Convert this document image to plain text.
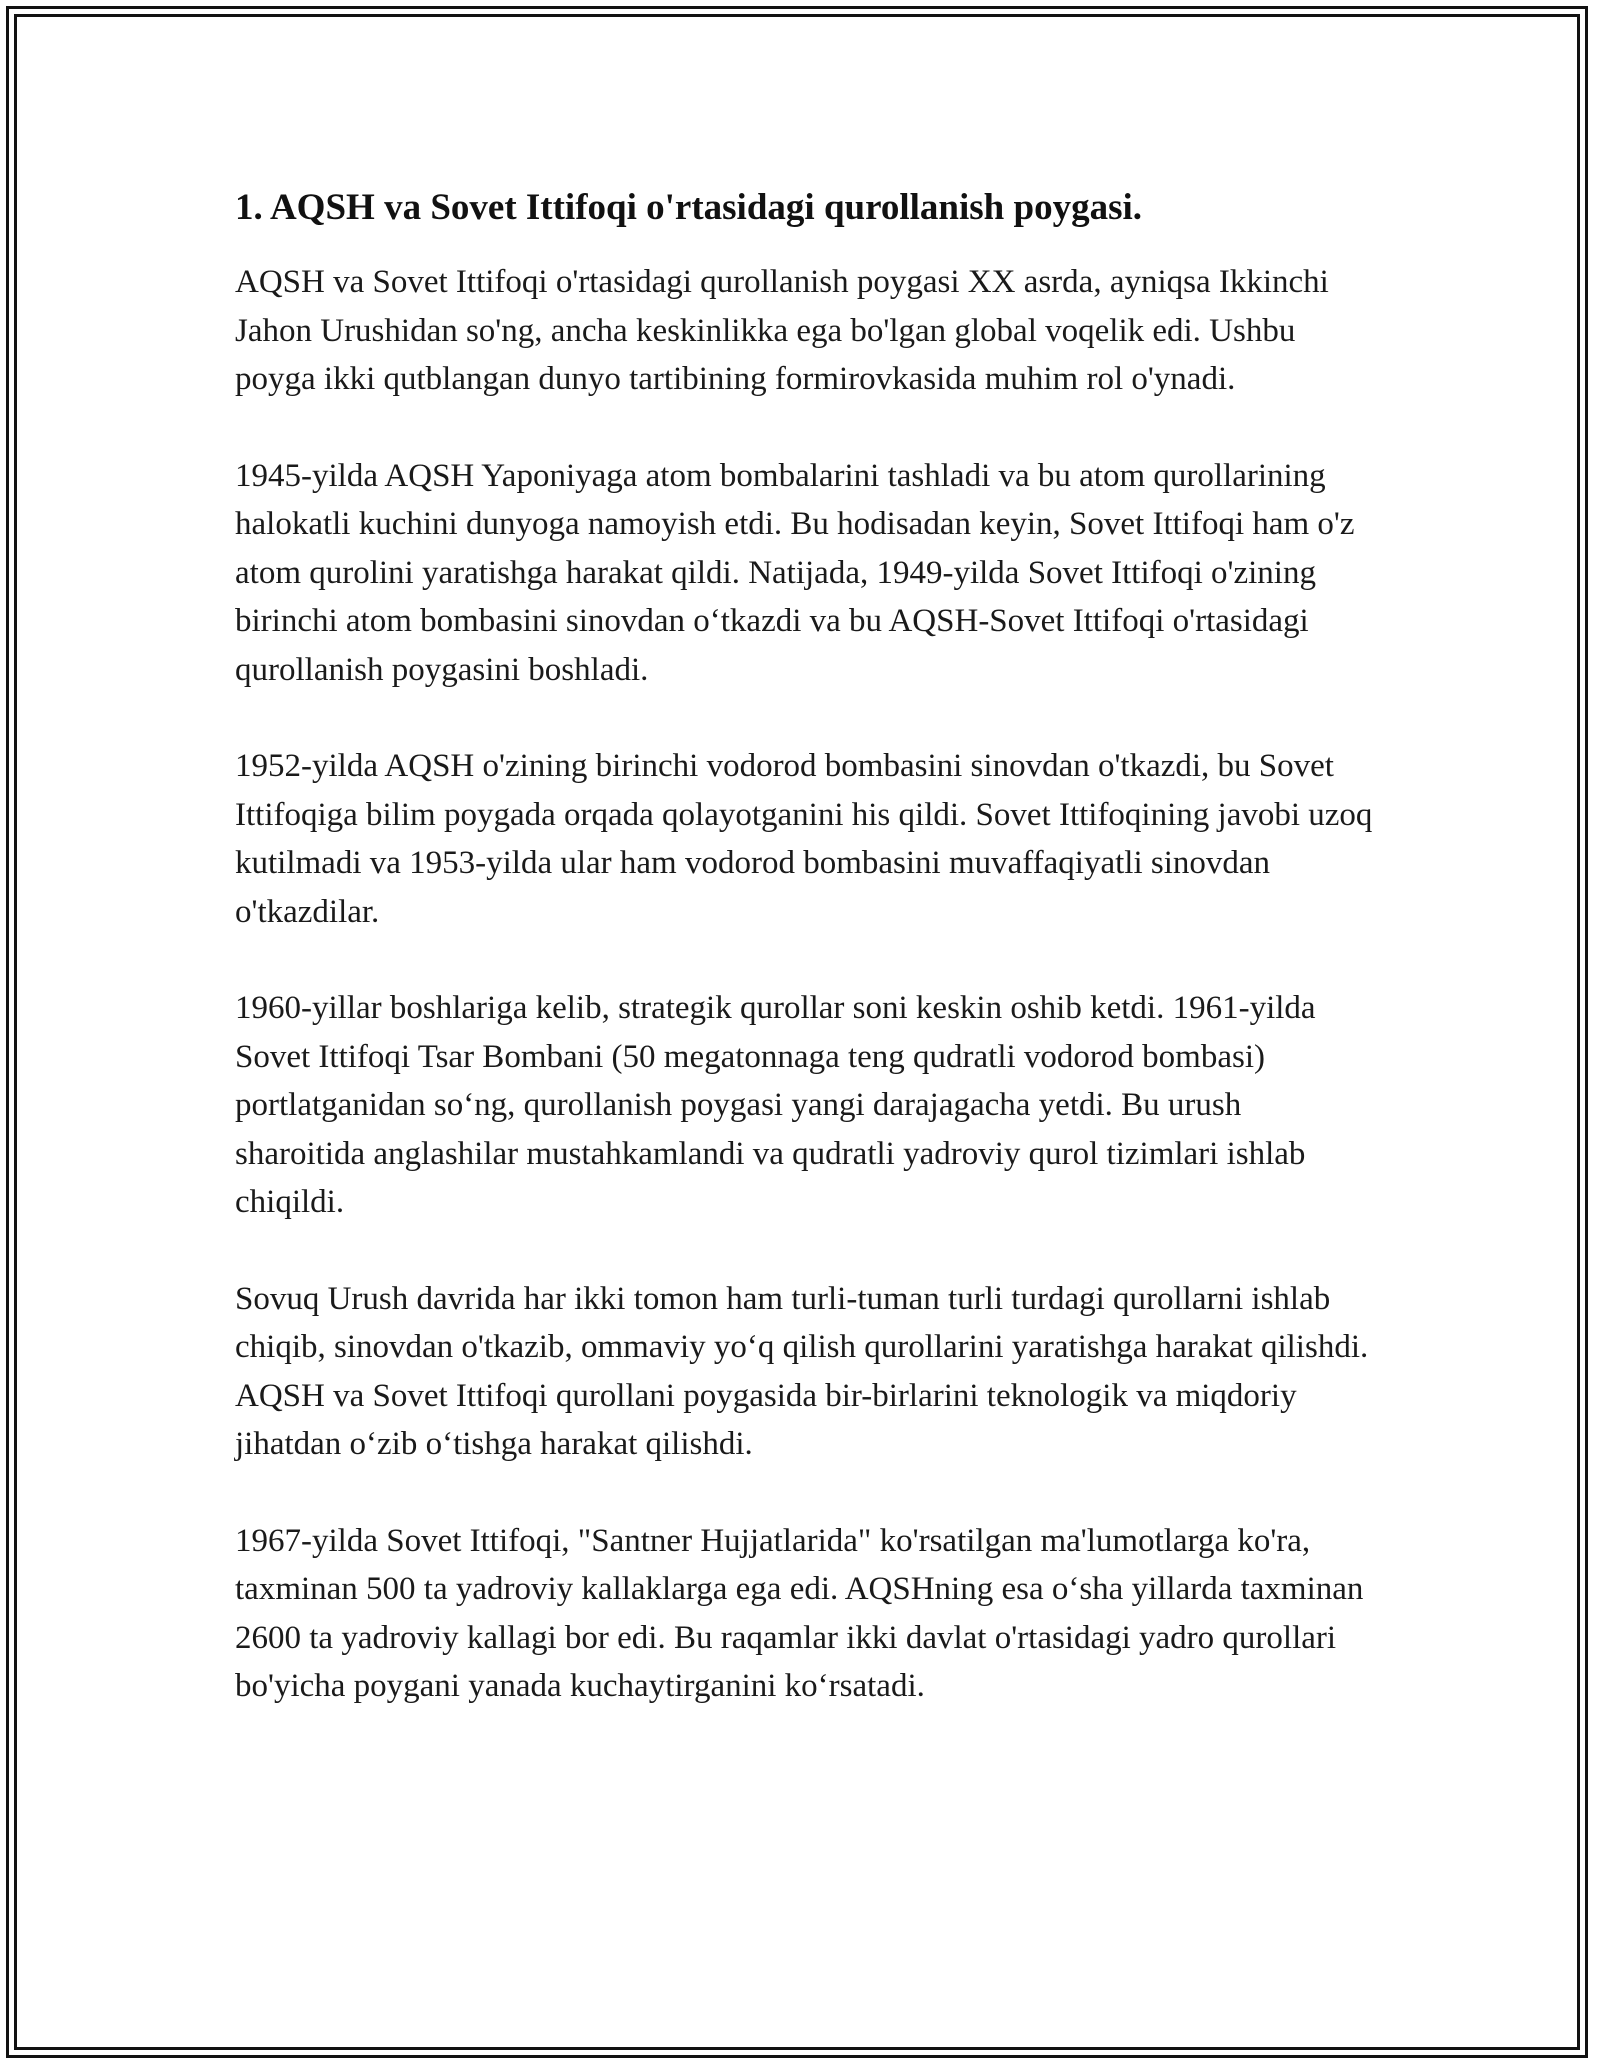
1. AQSH va Sovet Ittifoqi o'rtasidagi qurollanish poygasi.

AQSH va Sovet Ittifoqi o'rtasidagi qurollanish poygasi XX asrda, ayniqsa Ikkinchi Jahon Urushidan so'ng, ancha keskinlikka ega bo'lgan global voqelik edi. Ushbu poyga ikki qutblangan dunyo tartibining formirovkasida muhim rol o'ynadi.

1945-yilda AQSH Yaponiyaga atom bombalarini tashladi va bu atom qurollarining halokatli kuchini dunyoga namoyish etdi. Bu hodisadan keyin, Sovet Ittifoqi ham o'z atom qurolini yaratishga harakat qildi. Natijada, 1949-yilda Sovet Ittifoqi o'zining birinchi atom bombasini sinovdan o‘tkazdi va bu AQSH-Sovet Ittifoqi o'rtasidagi qurollanish poygasini boshladi.

1952-yilda AQSH o'zining birinchi vodorod bombasini sinovdan o'tkazdi, bu Sovet Ittifoqiga bilim poygada orqada qolayotganini his qildi. Sovet Ittifoqining javobi uzoq kutilmadi va 1953-yilda ular ham vodorod bombasini muvaffaqiyatli sinovdan o'tkazdilar.

1960-yillar boshlariga kelib, strategik qurollar soni keskin oshib ketdi. 1961-yilda Sovet Ittifoqi Tsar Bombani (50 megatonnaga teng qudratli vodorod bombasi) portlatganidan so‘ng, qurollanish poygasi yangi darajagacha yetdi. Bu urush sharoitida anglashilar mustahkamlandi va qudratli yadroviy qurol tizimlari ishlab chiqildi.

Sovuq Urush davrida har ikki tomon ham turli-tuman turli turdagi qurollarni ishlab chiqib, sinovdan o'tkazib, ommaviy yo‘q qilish qurollarini yaratishga harakat qilishdi. AQSH va Sovet Ittifoqi qurollani poygasida bir-birlarini teknologik va miqdoriy jihatdan o‘zib o‘tishga harakat qilishdi.

1967-yilda Sovet Ittifoqi, "Santner Hujjatlarida" ko'rsatilgan ma'lumotlarga ko'ra, taxminan 500 ta yadroviy kallaklarga ega edi. AQSHning esa o‘sha yillarda taxminan 2600 ta yadroviy kallagi bor edi. Bu raqamlar ikki davlat o'rtasidagi yadro qurollari bo'yicha poygani yanada kuchaytirganini ko‘rsatadi.
